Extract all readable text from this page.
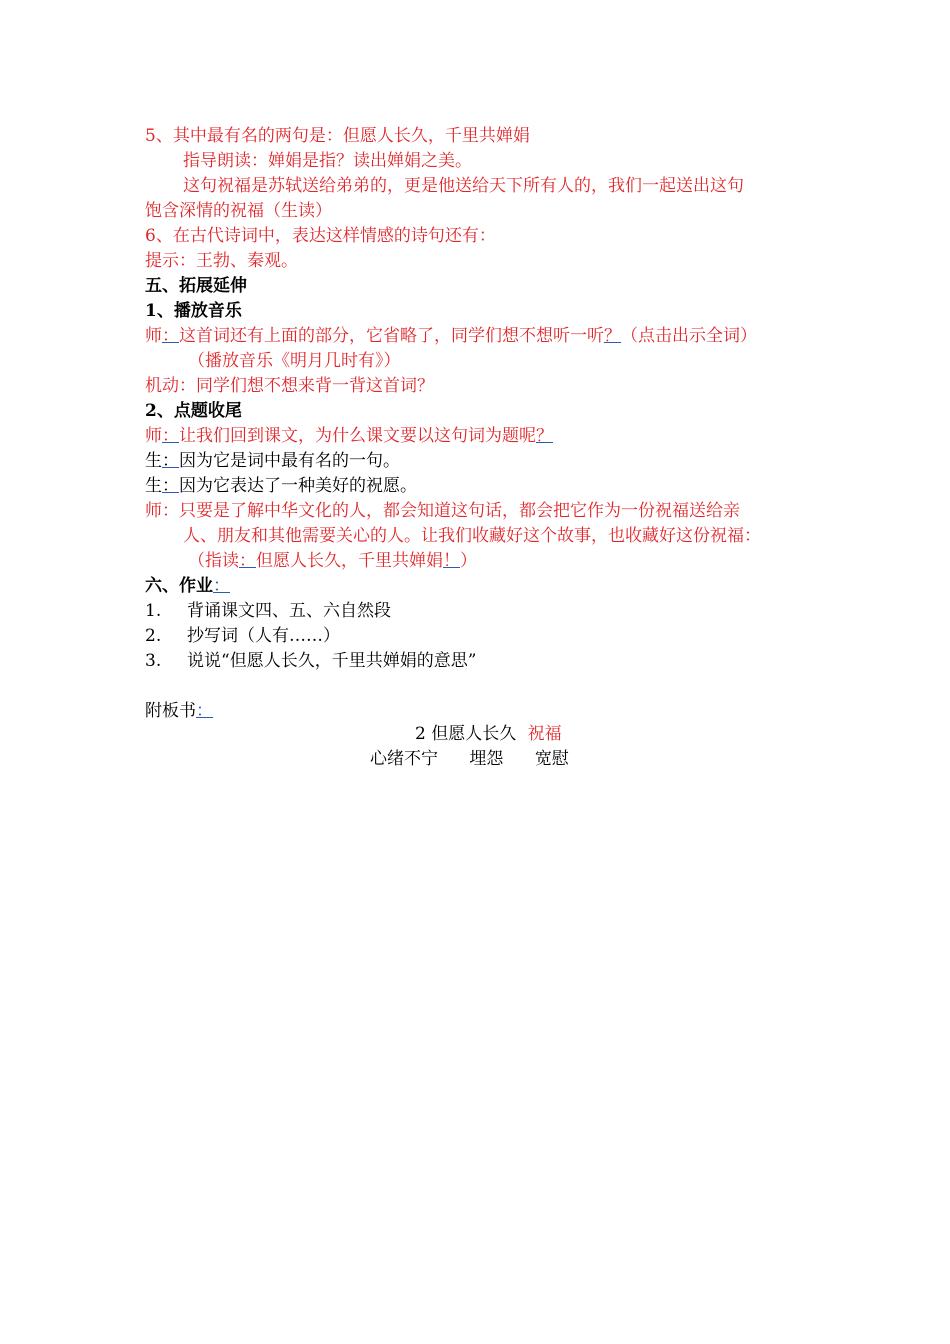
5、其中最有名的两句是：但愿人长久，千里共婵娟
指导朗读：婵娟是指？读出婵娟之美。
这句祝福是苏轼送给弟弟的，更是他送给天下所有人的，我们一起送出这句
饱含深情的祝福（生读）
6、在古代诗词中，表达这样情感的诗句还有：
提示：王勃、秦观。
五、拓展延伸
1、播放音乐
师：这首词还有上面的部分，它省略了，同学们想不想听一听？（点击出示全词）
（播放音乐《明月几时有》）
机动：同学们想不想来背一背这首词？
2、点题收尾
师：让我们回到课文，为什么课文要以这句词为题呢？
生：因为它是词中最有名的一句。
生：因为它表达了一种美好的祝愿。
师：只要是了解中华文化的人，都会知道这句话，都会把它作为一份祝福送给亲
人、朋友和其他需要关心的人。让我们收藏好这个故事，也收藏好这份祝福：
（指读：但愿人长久，千里共婵娟！）
六、作业：
1. 背诵课文四、五、六自然段
2. 抄写词（人有……）
3. 说说“但愿人长久，千里共婵娟的意思”
附板书：
2 但愿人长久 祝福
心绪不宁 埋怨 宽慰
